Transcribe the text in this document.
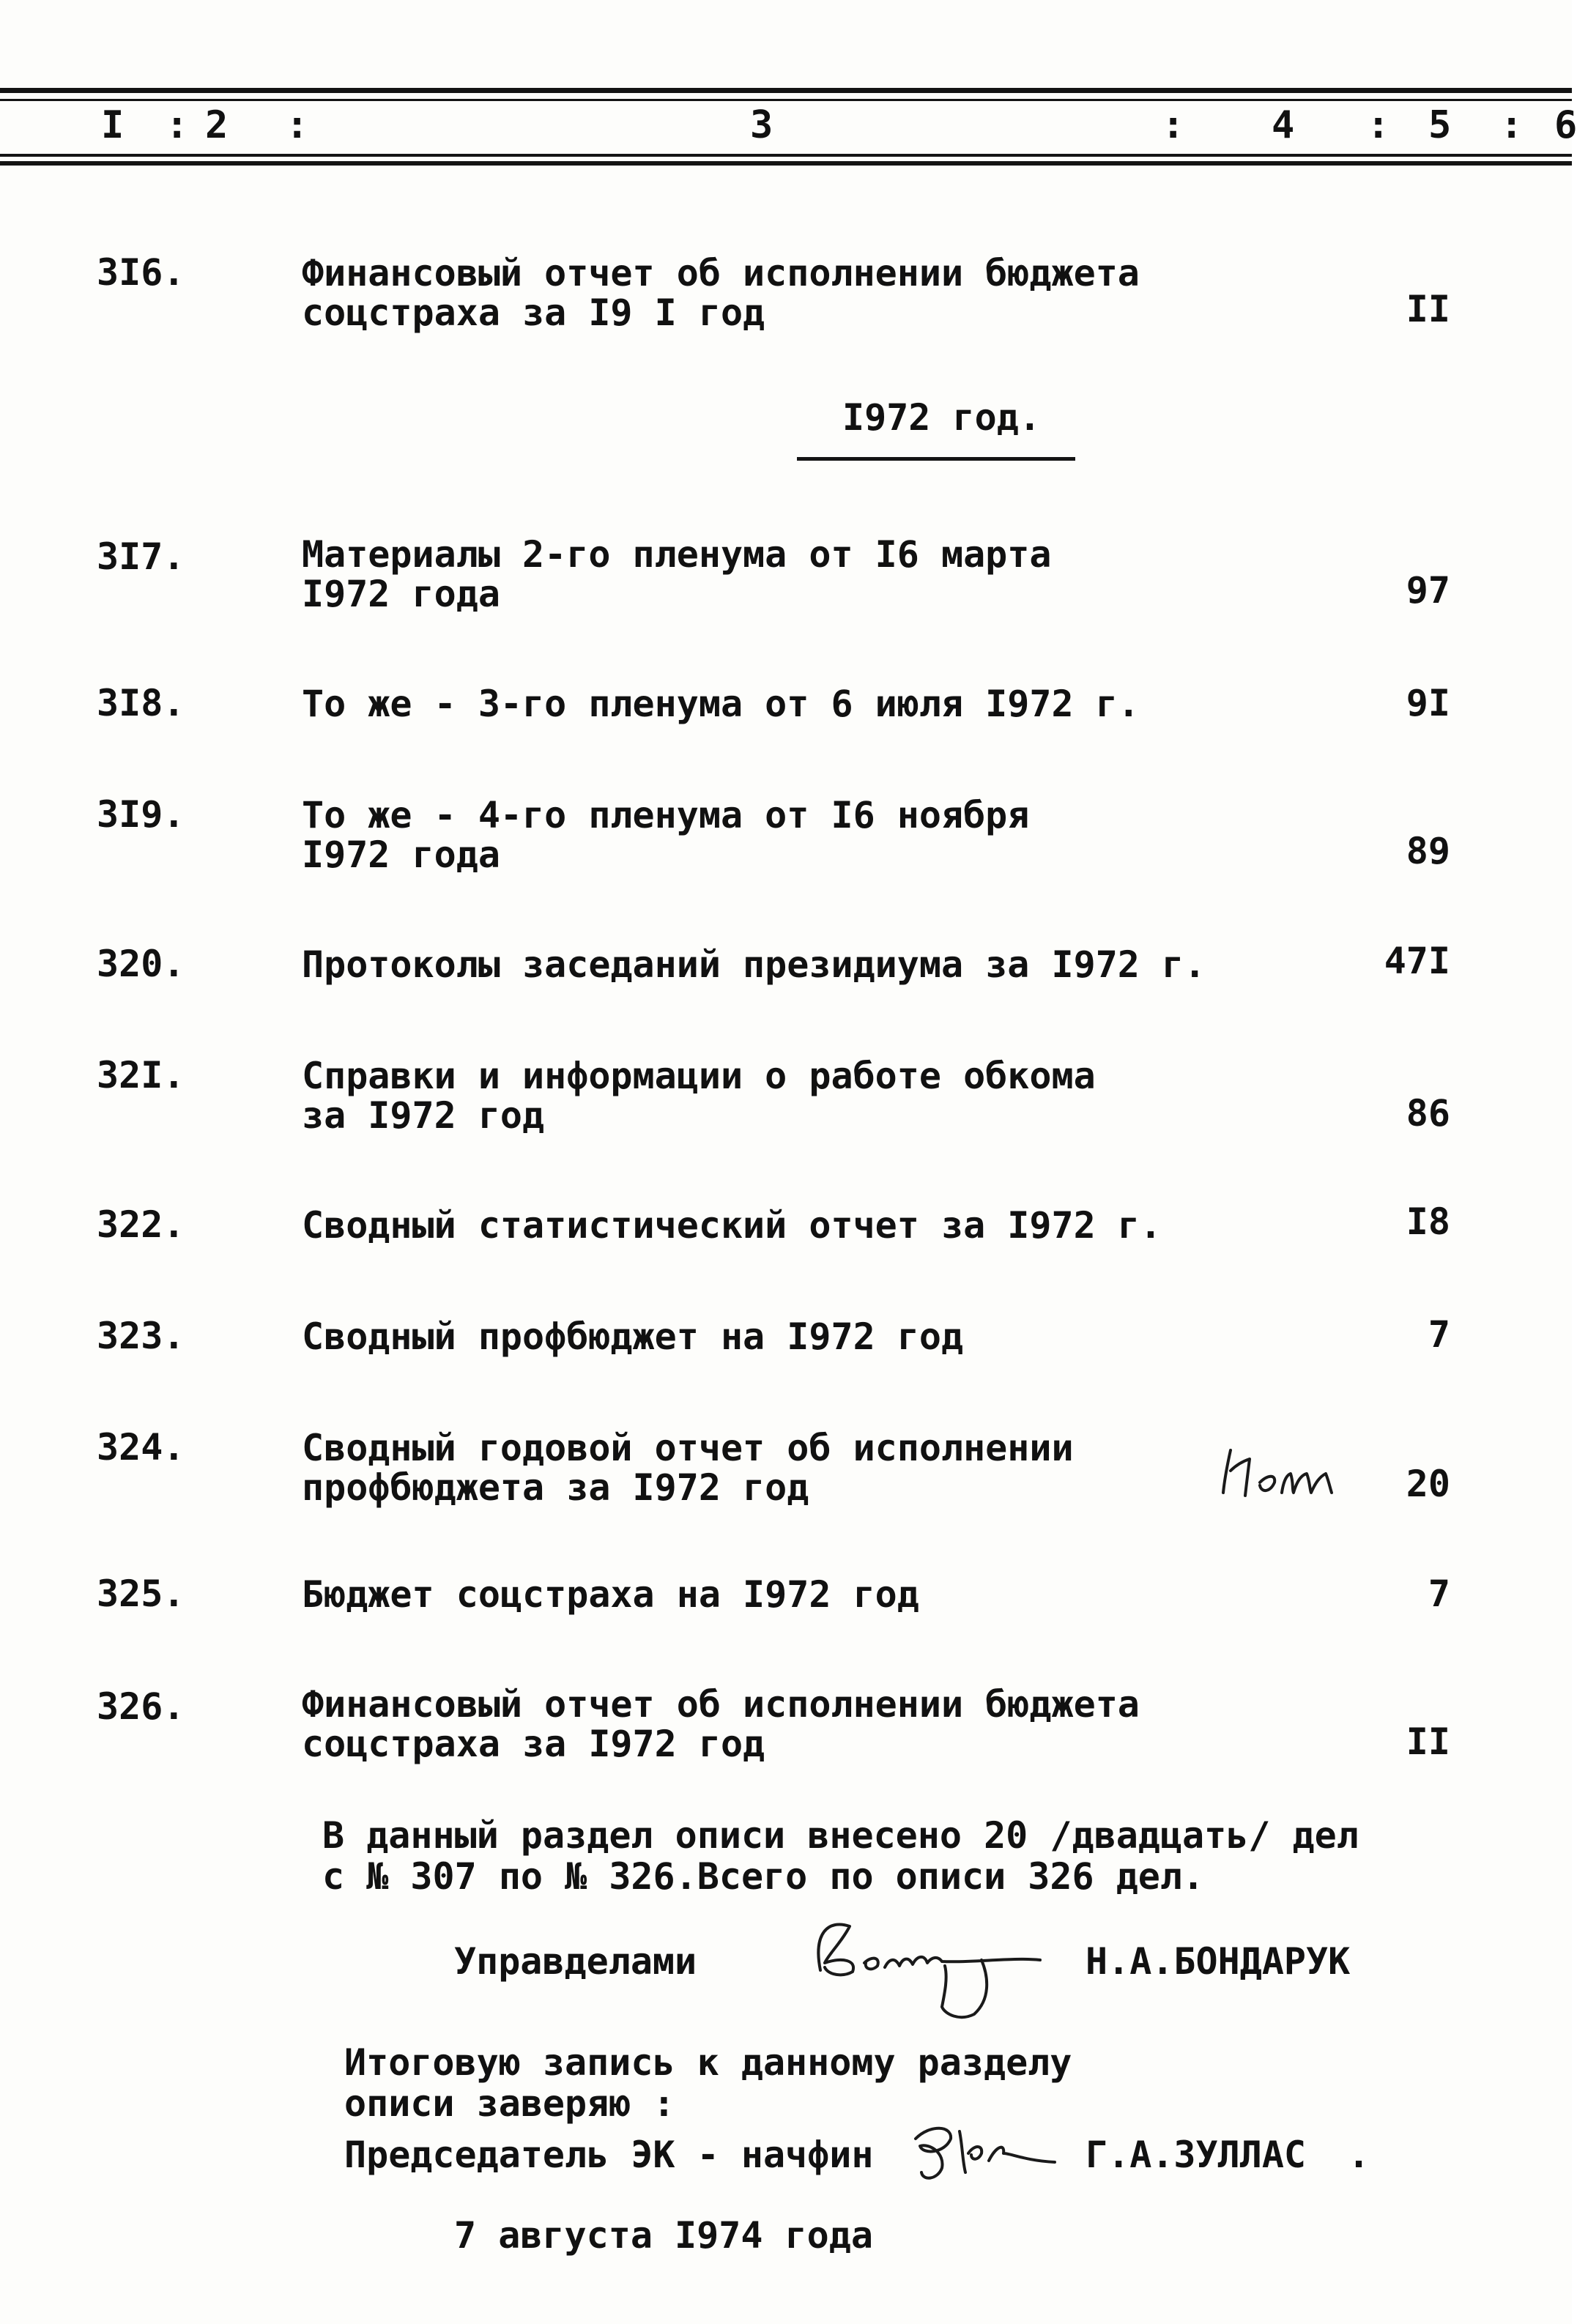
I : 2 :	3	: 4 : 5 : 6
3I6.	Финансовый отчет об исполнении бюджета
соцстраха за I9 I год	II
I972 год.
3I7.	Материалы 2-го пленума от I6 марта
I972 года	97
3I8.	То же - 3-го пленума от 6 июля I972 г.	9I
3I9.	То же - 4-го пленума от I6 ноября
I972 года	89
320.	Протоколы заседаний президиума за I972 г.	47I
32I.	Справки и информации о работе обкома
за I972 год	86
322.	Сводный статистический отчет за I972 г.	I8
323.	Сводный профбюджет на I972 год	7
324.	Сводный годовой отчет об исполнении
профбюджета за I972 год	20
325.	Бюджет соцстраха на I972 год	7
326.	Финансовый отчет об исполнении бюджета
соцстраха за I972 год	II
В данный раздел описи внесено 20 /двадцать/ дел
с № 307 по № 326.Всего по описи 326 дел.
Управделами	Н.А.БОНДАРУК
Итоговую запись к данному разделу
описи заверяю :
Председатель ЭК - начфин	Г.А.ЗУЛЛАС .
7 августа I974 года
